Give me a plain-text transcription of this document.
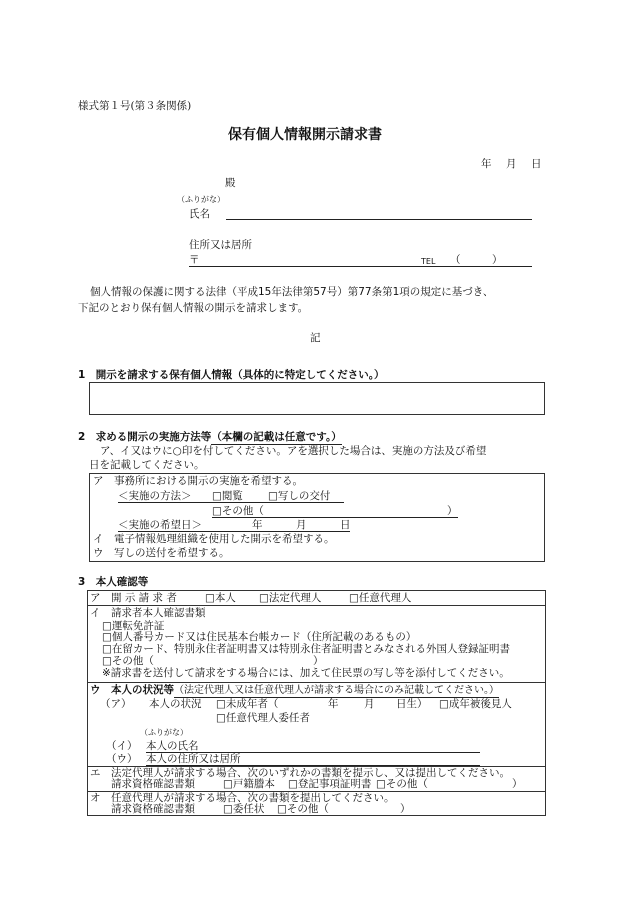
様式第１号(第３条関係)
保有個人情報開示請求書
年 月 日
殿
（ふりがな）
氏名
住所又は居所
〒	TEL （　　　）
個人情報の保護に関する法律（平成15年法律第57号）第77条第1項の規定に基づき、
下記のとおり保有個人情報の開示を請求します。
記
1　開示を請求する保有個人情報（具体的に特定してください。）
2　求める開示の実施方法等（本欄の記載は任意です。）
ア、イ又はウに○印を付してください。アを選択した場合は、実施の方法及び希望
日を記載してください。
ア　事務所における開示の実施を希望する。
＜実施の方法＞ □閲覧 □写しの交付
□その他（	）
＜実施の希望日＞	年	月	日
イ　電子情報処理組織を使用した開示を希望する。
ウ　写しの送付を希望する。
3　本人確認等
ア　開 示 請 求 者	□本人 □法定代理人	□任意代理人
イ　請求者本人確認書類
□運転免許証
□個人番号カード又は住民基本台帳カード（住所記載のあるもの）
□在留カード、特別永住者証明書又は特別永住者証明書とみなされる外国人登録証明書
□その他（	）
※請求書を送付して請求をする場合には、加えて住民票の写し等を添付してください。
ウ　本人の状況等（法定代理人又は任意代理人が請求する場合にのみ記載してください。）
（ア） 本人の状況 □未成年者（	年 月 日生） □成年被後見人
□任意代理人委任者
（ふりがな）
（イ） 本人の氏名
（ウ） 本人の住所又は居所
エ　法定代理人が請求する場合、次のいずれかの書類を提示し、又は提出してください。
請求資格確認書類	□戸籍謄本 □登記事項証明書 □その他（	）
オ　任意代理人が請求する場合、次の書類を提出してください。
請求資格確認書類	□委任状 □その他（	）
